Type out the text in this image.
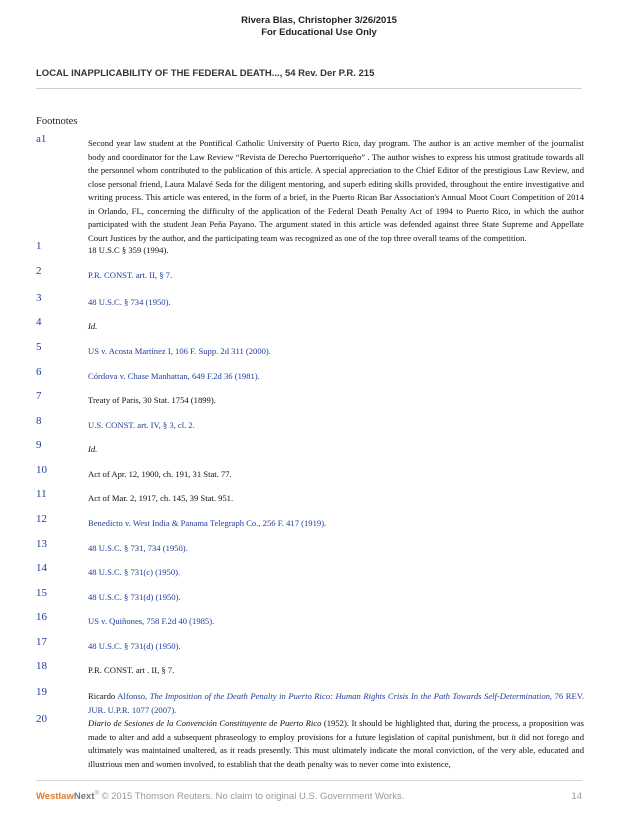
Rivera Blas, Christopher 3/26/2015
For Educational Use Only
LOCAL INAPPLICABILITY OF THE FEDERAL DEATH..., 54 Rev. Der P.R. 215
Footnotes
a1	Second year law student at the Pontifical Catholic University of Puerto Rico, day program. The author is an active member of the journalist body and coordinator for the Law Review “Revista de Derecho Puertorriqueño” . The author wishes to express his utmost gratitude towards all the personnel whom contributed to the publication of this article. A special appreciation to the Chief Editor of the prestigious Law Review, and close personal friend, Laura Malavé Seda for the diligent mentoring, and superb editing skills provided, throughout the entire investigative and writing process. This article was entered, in the form of a brief, in the Puerto Rican Bar Association's Annual Moot Court Competition of 2014 in Orlando, FL, concerning the difficulty of the application of the Federal Death Penalty Act of 1994 to Puerto Rico, in which the author participated with the student Jean Peña Payano. The argument stated in this article was defended against three State Supreme and Appellate Court Justices by the author, and the participating team was recognized as one of the top three overall teams of the competition.
1	18 U.S.C § 359 (1994).
2	P.R. CONST. art. II, § 7.
3	48 U.S.C. § 734 (1950).
4	Id.
5	US v. Acosta Martínez I, 106 F. Supp. 2d 311 (2000).
6	Córdova v. Chase Manhattan, 649 F.2d 36 (1981).
7	Treaty of Paris, 30 Stat. 1754 (1899).
8	U.S. CONST. art. IV, § 3, cl. 2.
9	Id.
10	Act of Apr. 12, 1900, ch. 191, 31 Stat. 77.
11	Act of Mar. 2, 1917, ch. 145, 39 Stat. 951.
12	Benedicto v. West India & Panama Telegraph Co., 256 F. 417 (1919).
13	48 U.S.C. § 731, 734 (1950).
14	48 U.S.C. § 731(c) (1950).
15	48 U.S.C. § 731(d) (1950).
16	US v. Quiñones, 758 F.2d 40 (1985).
17	48 U.S.C. § 731(d) (1950).
18	P.R. CONST. art . II, § 7.
19	Ricardo Alfonso, The Imposition of the Death Penalty in Puerto Rico: Human Rights Crisis In the Path Towards Self-Determination, 76 REV. JUR. U.P.R. 1077 (2007).
20	Diario de Sesiones de la Convención Constituyente de Puerto Rico (1952). It should be highlighted that, during the process, a proposition was made to alter and add a subsequent phraseology to employ provisions for a future legislation of capital punishment, but it did not forego and ultimately was maintained unaltered, as it reads presently. This must ultimately indicate the moral conviction, of the very able, educated and illustrious men and women involved, to establish that the death penalty was to never come into existence,
WestlawNext® © 2015 Thomson Reuters. No claim to original U.S. Government Works.	14
